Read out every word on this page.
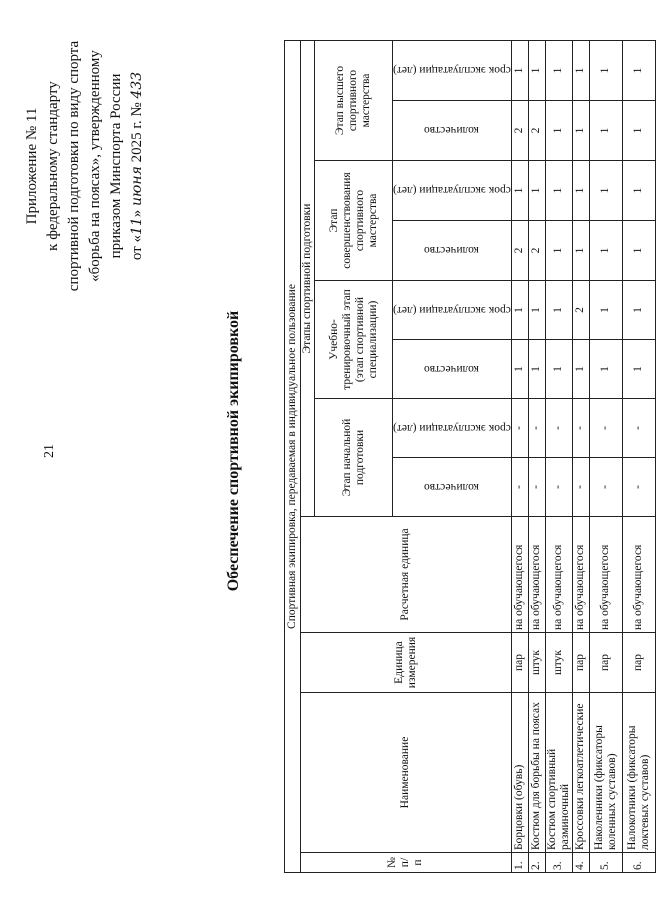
21
Приложение № 11 к федеральному стандарту спортивной подготовки по виду спорта «борьба на поясах», утвержденному приказом Минспорта России от «11» июня 2025 г. № 433
Обеспечение спортивной экипировкой	Спортивная экипировка, передаваемая в индивидуальное пользование											
№ п/п	Наименование	Единица измерения	Расчетная единица	Этапы спортивной подготовки							
				Этап начальной подготовки		Учебно-тренировочный этап (этап спортивной специализации)		Этап совершенствования спортивного мастерства		Этап высшего спортивного мастерства	

				количество	срок эксплуатации (лет)	количество	срок эксплуатации (лет)	количество	срок эксплуатации (лет)	количество	срок эксплуатации (лет)

1.	Борцовки (обувь)	пар	на обучающегося	-	-	1	1	2	1	2	1
2.	Костюм для борьбы на поясах	штук	на обучающегося	-	-	1	1	2	1	2	1
3.	Костюм спортивный разминочный	штук	на обучающегося	-	-	1	1	1	1	1	1
4.	Кроссовки легкоатлетические	пар	на обучающегося	-	-	1	2	1	1	1	1
5.	Наколенники (фиксаторы коленных суставов)	пар	на обучающегося	-	-	1	1	1	1	1	1
6.	Налокотники (фиксаторы локтевых суставов)	пар	на обучающегося	-	-	1	1	1	1	1	1
